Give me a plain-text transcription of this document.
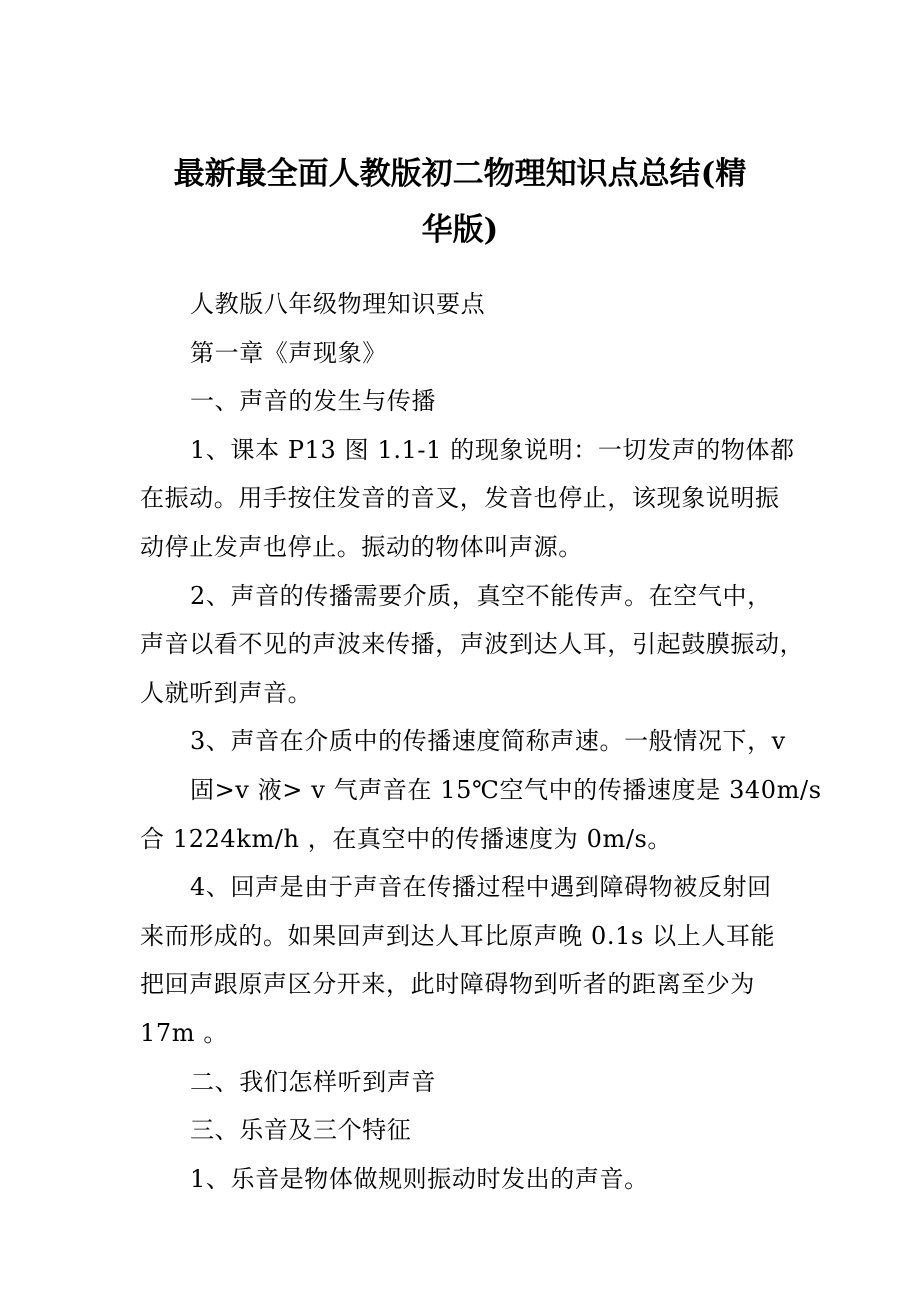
最新最全面人教版初二物理知识点总结(精
华版)
人教版八年级物理知识要点
第一章《声现象》
一、声音的发生与传播
1、课本 P13 图 1.1-1 的现象说明：一切发声的物体都
在振动。用手按住发音的音叉，发音也停止，该现象说明振
动停止发声也停止。振动的物体叫声源。
2、声音的传播需要介质，真空不能传声。在空气中，
声音以看不见的声波来传播，声波到达人耳，引起鼓膜振动，
人就听到声音。
3、声音在介质中的传播速度简称声速。一般情况下，v
固>v 液> v 气声音在 15℃空气中的传播速度是 340m/s
合 1224km/h ，在真空中的传播速度为 0m/s。
4、回声是由于声音在传播过程中遇到障碍物被反射回
来而形成的。如果回声到达人耳比原声晚 0.1s 以上人耳能
把回声跟原声区分开来，此时障碍物到听者的距离至少为
17m 。
二、我们怎样听到声音
三、乐音及三个特征
1、乐音是物体做规则振动时发出的声音。
